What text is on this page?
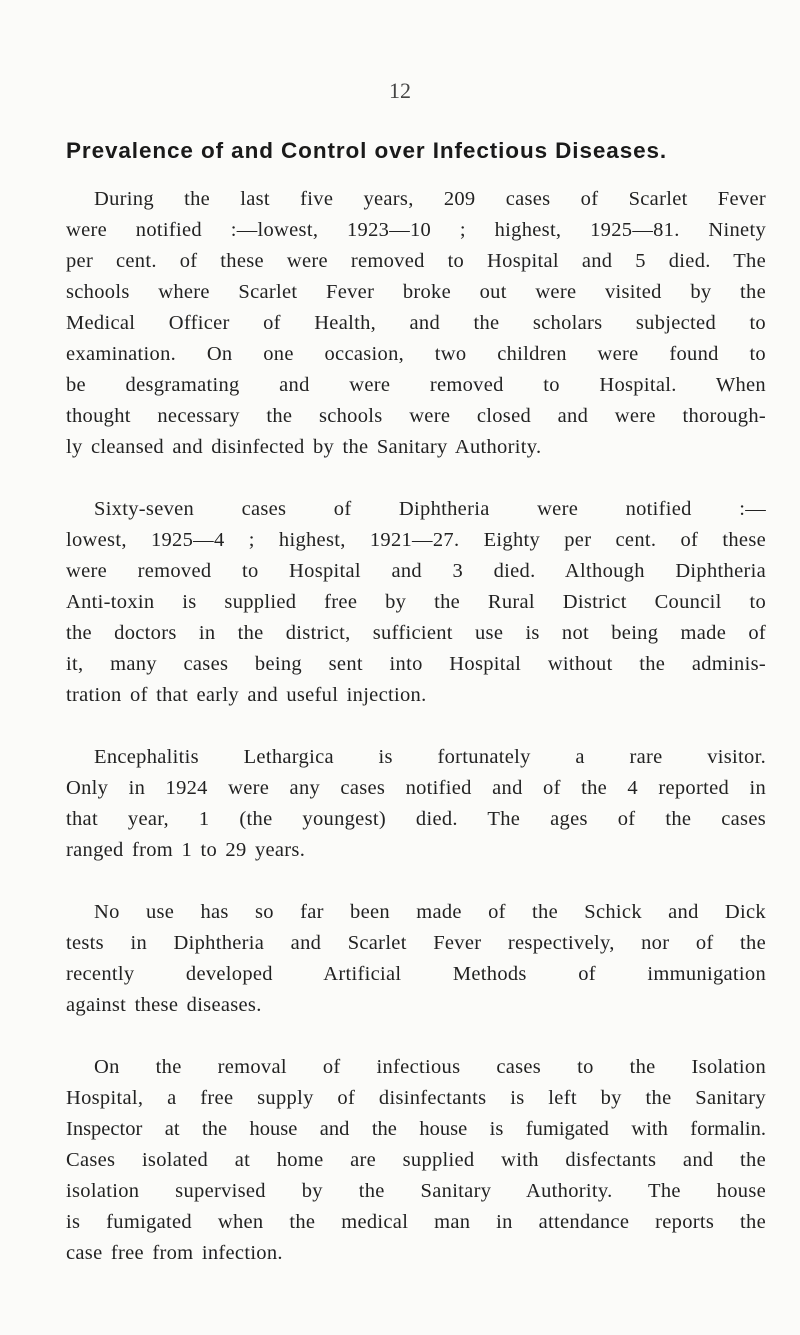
12
Prevalence of and Control over Infectious Diseases.
During the last five years, 209 cases of Scarlet Fever
were notified :—lowest, 1923—10 ; highest, 1925—81. Ninety
per cent. of these were removed to Hospital and 5 died. The
schools where Scarlet Fever broke out were visited by the
Medical Officer of Health, and the scholars subjected to
examination. On one occasion, two children were found to
be desgramating and were removed to Hospital. When
thought necessary the schools were closed and were thorough-
ly cleansed and disinfected by the Sanitary Authority.
Sixty-seven cases of Diphtheria were notified :—
lowest, 1925—4 ; highest, 1921—27. Eighty per cent. of these
were removed to Hospital and 3 died. Although Diphtheria
Anti-toxin is supplied free by the Rural District Council to
the doctors in the district, sufficient use is not being made of
it, many cases being sent into Hospital without the adminis-
tration of that early and useful injection.
Encephalitis Lethargica is fortunately a rare visitor.
Only in 1924 were any cases notified and of the 4 reported in
that year, 1 (the youngest) died. The ages of the cases
ranged from 1 to 29 years.
No use has so far been made of the Schick and Dick
tests in Diphtheria and Scarlet Fever respectively, nor of the
recently developed Artificial Methods of immunigation
against these diseases.
On the removal of infectious cases to the Isolation
Hospital, a free supply of disinfectants is left by the Sanitary
Inspector at the house and the house is fumigated with formalin.
Cases isolated at home are supplied with disfectants and the
isolation supervised by the Sanitary Authority. The house
is fumigated when the medical man in attendance reports the
case free from infection.
